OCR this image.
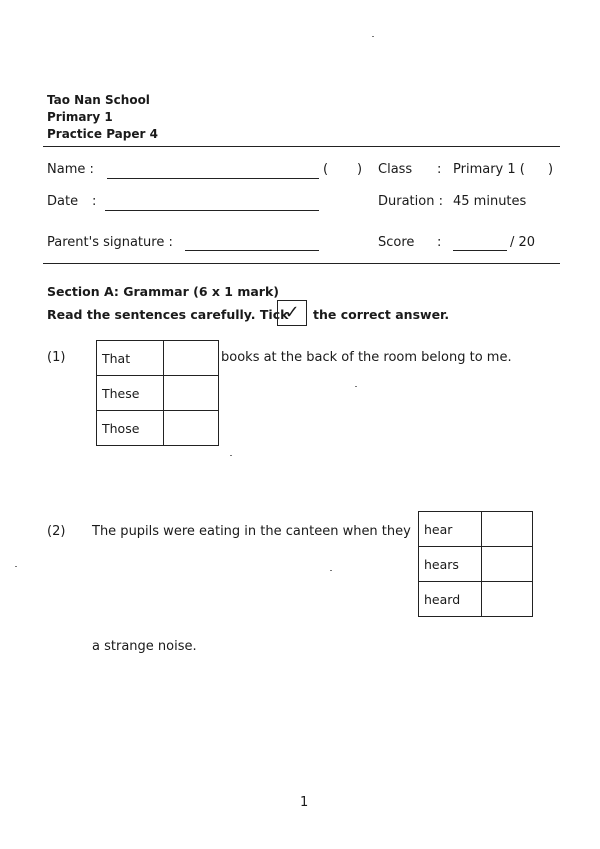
Tao Nan School
Primary 1
Practice Paper 4
Name :	( ) Class : Primary 1 ( )
Date :	Duration : 45 minutes
Parent's signature :	Score :	/ 20
Section A: Grammar (6 x 1 mark)
Read the sentences carefully. Tick
✓	the correct answer.
(1)	That	
These	
Those	
books at the back of the room belong to me.
(2) The pupils were eating in the canteen when they hear	
hears	
heard	
a strange noise.
1
